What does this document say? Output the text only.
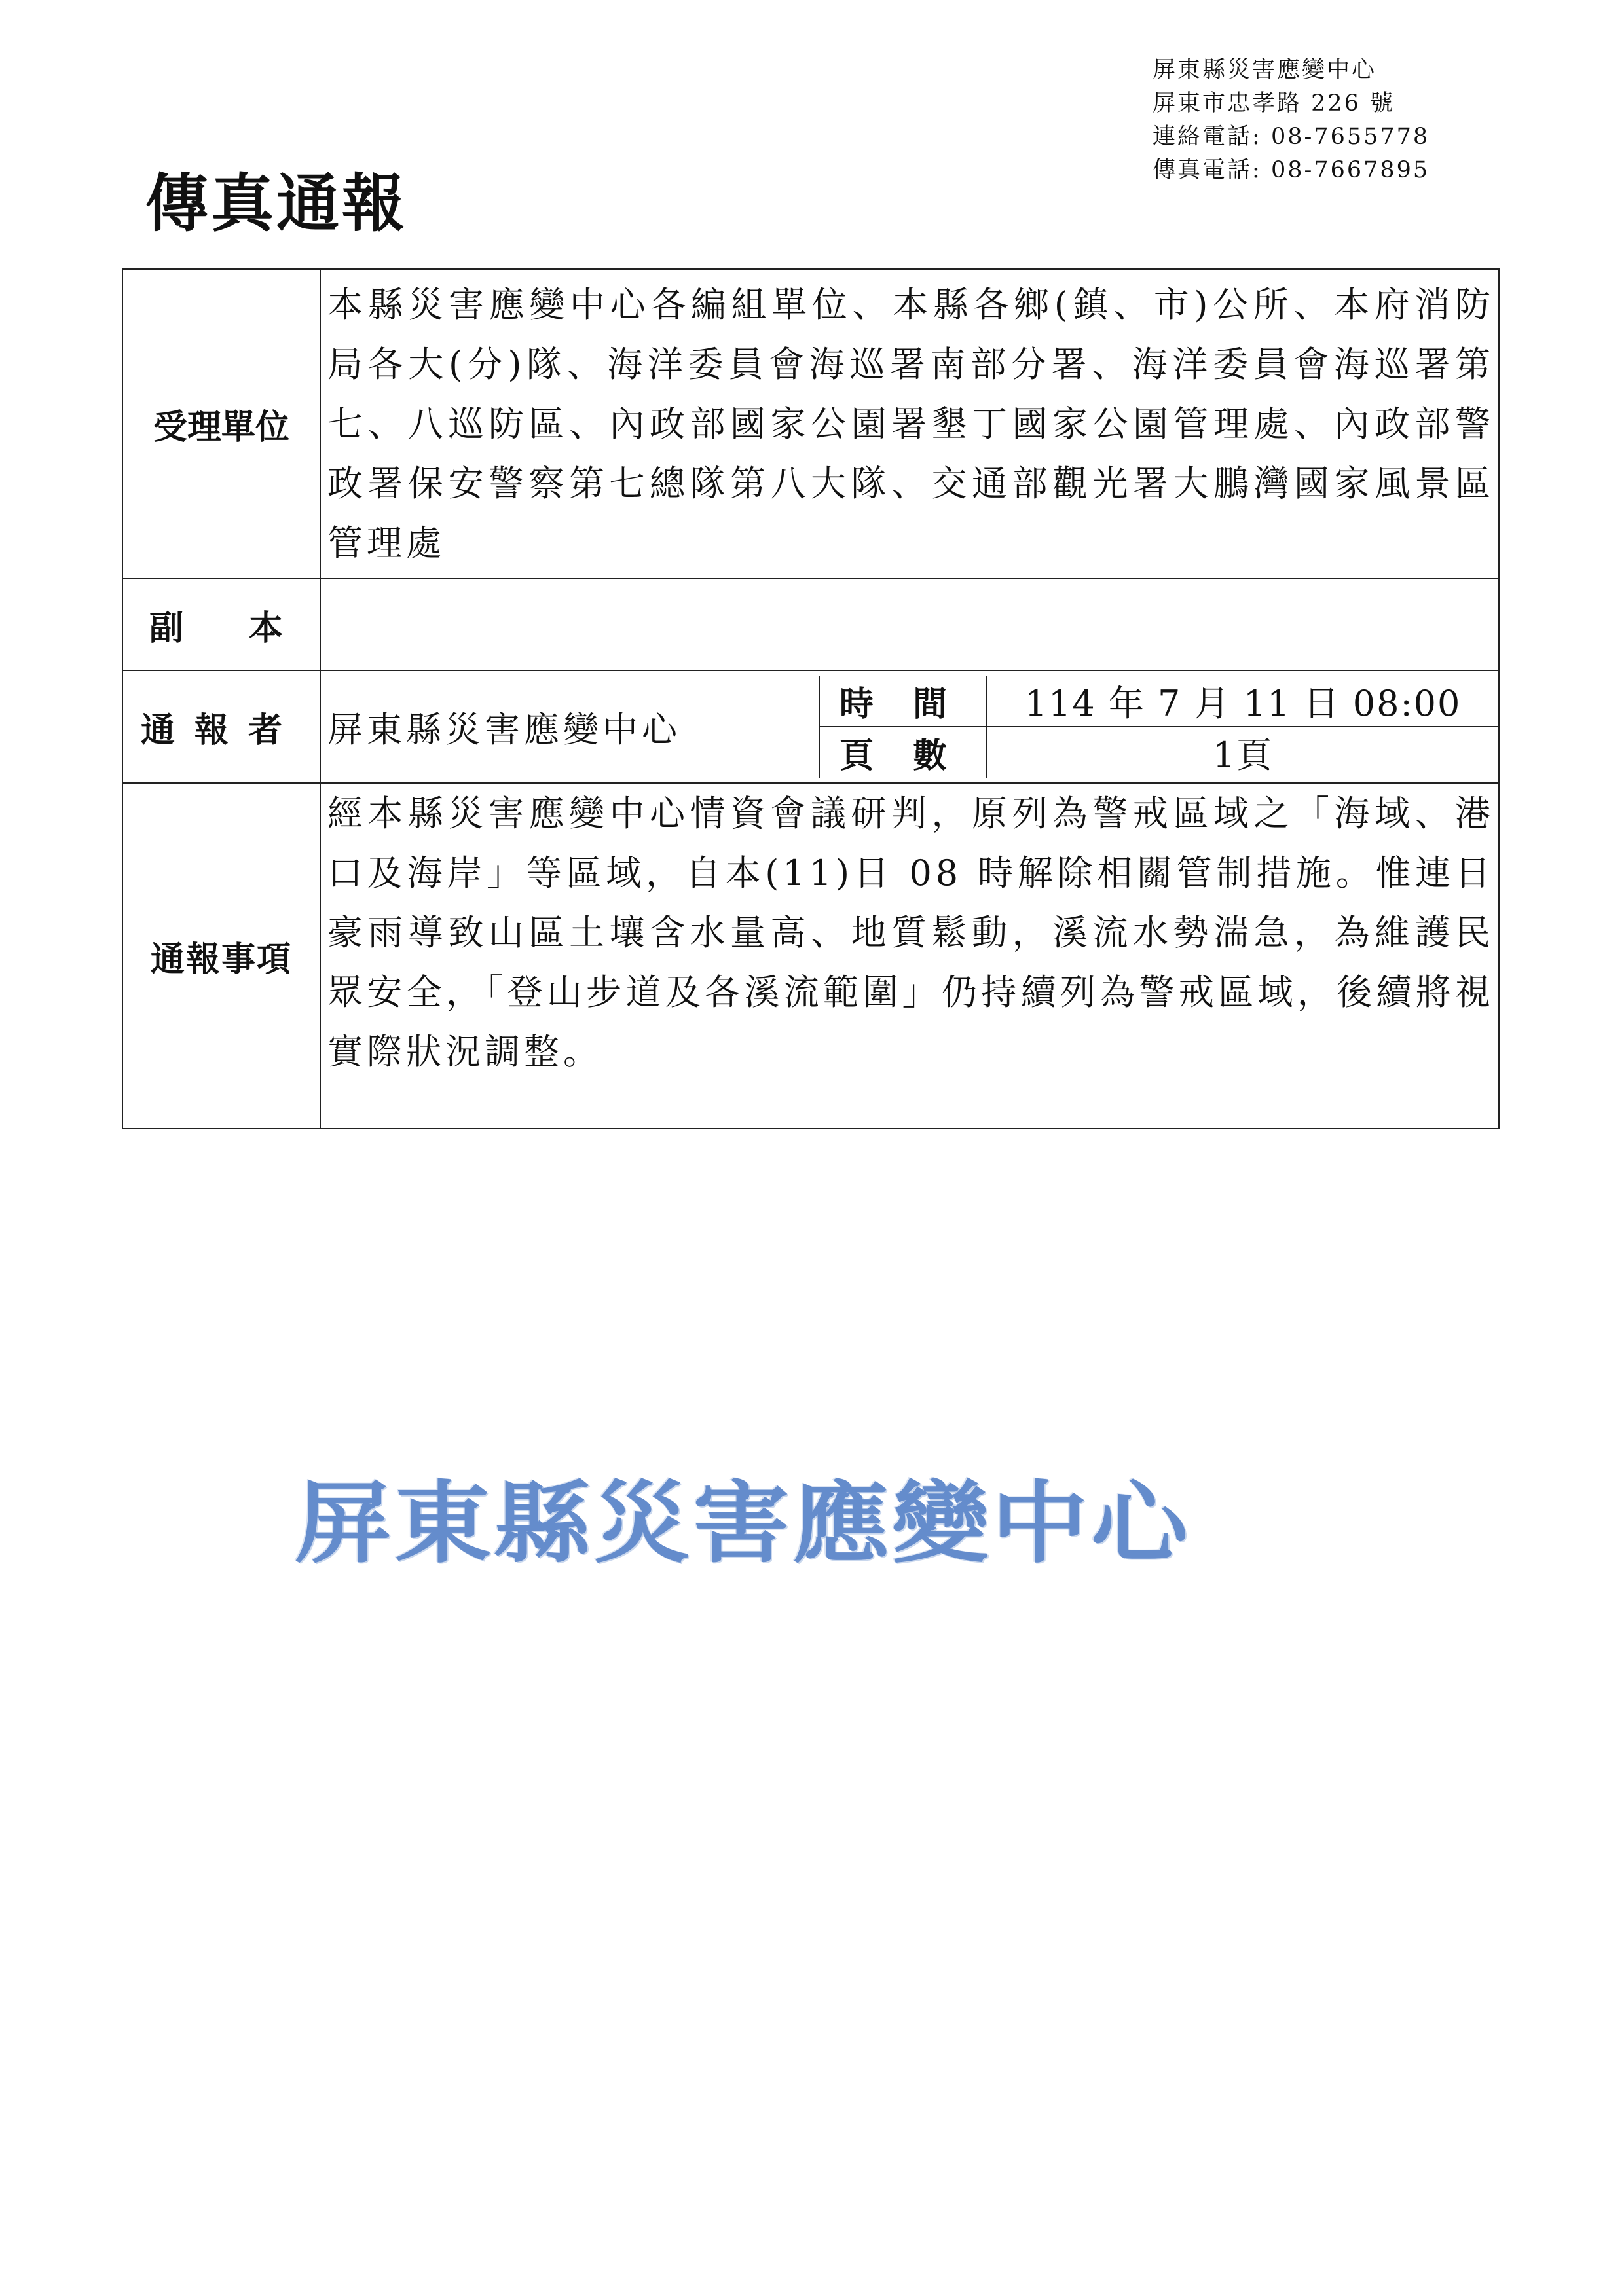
屏東縣災害應變中心
屏東市忠孝路 226 號
連絡電話: 08-7655778
傳真電話: 08-7667895
傳真通報
受理單位	本縣災害應變中心各編組單位、本縣各鄉(鎮、市)公所、本府消防局各大(分)隊、海洋委員會海巡署南部分署、海洋委員會海巡署第七、八巡防區、內政部國家公園署墾丁國家公園管理處、內政部警政署保安警察第七總隊第八大隊、交通部觀光署大鵬灣國家風景區管理處
副本	
通報者	屏東縣災害應變中心	時間	114 年 7 月 11 日 08:00
頁數	1頁

通報事項	經本縣災害應變中心情資會議研判，原列為警戒區域之「海域、港口及海岸」等區域，自本(11)日 08 時解除相關管制措施。惟連日豪雨導致山區土壤含水量高、地質鬆動，溪流水勢湍急，為維護民眾安全，「登山步道及各溪流範圍」仍持續列為警戒區域，後續將視實際狀況調整。
屏東縣災害應變中心
